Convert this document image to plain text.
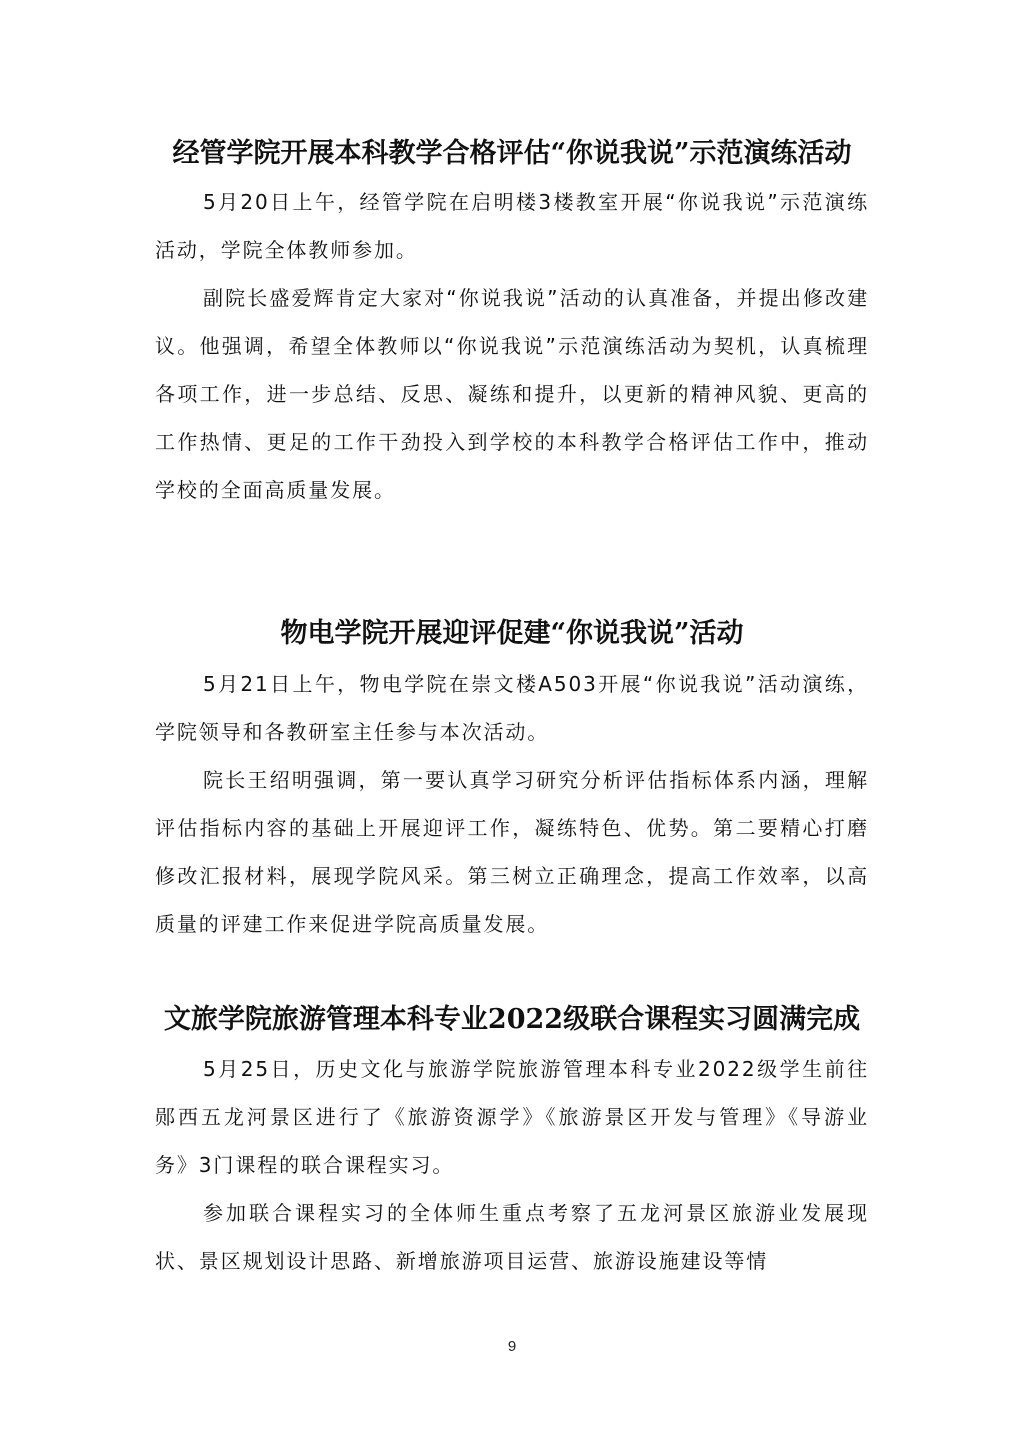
经管学院开展本科教学合格评估“你说我说”示范演练活动

5月20日上午，经管学院在启明楼3楼教室开展“你说我说”示范演练活动，学院全体教师参加。

副院长盛爱辉肯定大家对“你说我说”活动的认真准备，并提出修改建议。他强调，希望全体教师以“你说我说”示范演练活动为契机，认真梳理各项工作，进一步总结、反思、凝练和提升，以更新的精神风貌、更高的工作热情、更足的工作干劲投入到学校的本科教学合格评估工作中，推动学校的全面高质量发展。

物电学院开展迎评促建“你说我说”活动

5月21日上午，物电学院在崇文楼A503开展“你说我说”活动演练，学院领导和各教研室主任参与本次活动。

院长王绍明强调，第一要认真学习研究分析评估指标体系内涵，理解评估指标内容的基础上开展迎评工作，凝练特色、优势。第二要精心打磨修改汇报材料，展现学院风采。第三树立正确理念，提高工作效率，以高质量的评建工作来促进学院高质量发展。

文旅学院旅游管理本科专业2022级联合课程实习圆满完成

5月25日，历史文化与旅游学院旅游管理本科专业2022级学生前往郧西五龙河景区进行了《旅游资源学》《旅游景区开发与管理》《导游业务》3门课程的联合课程实习。

参加联合课程实习的全体师生重点考察了五龙河景区旅游业发展现状、景区规划设计思路、新增旅游项目运营、旅游设施建设等情

9
